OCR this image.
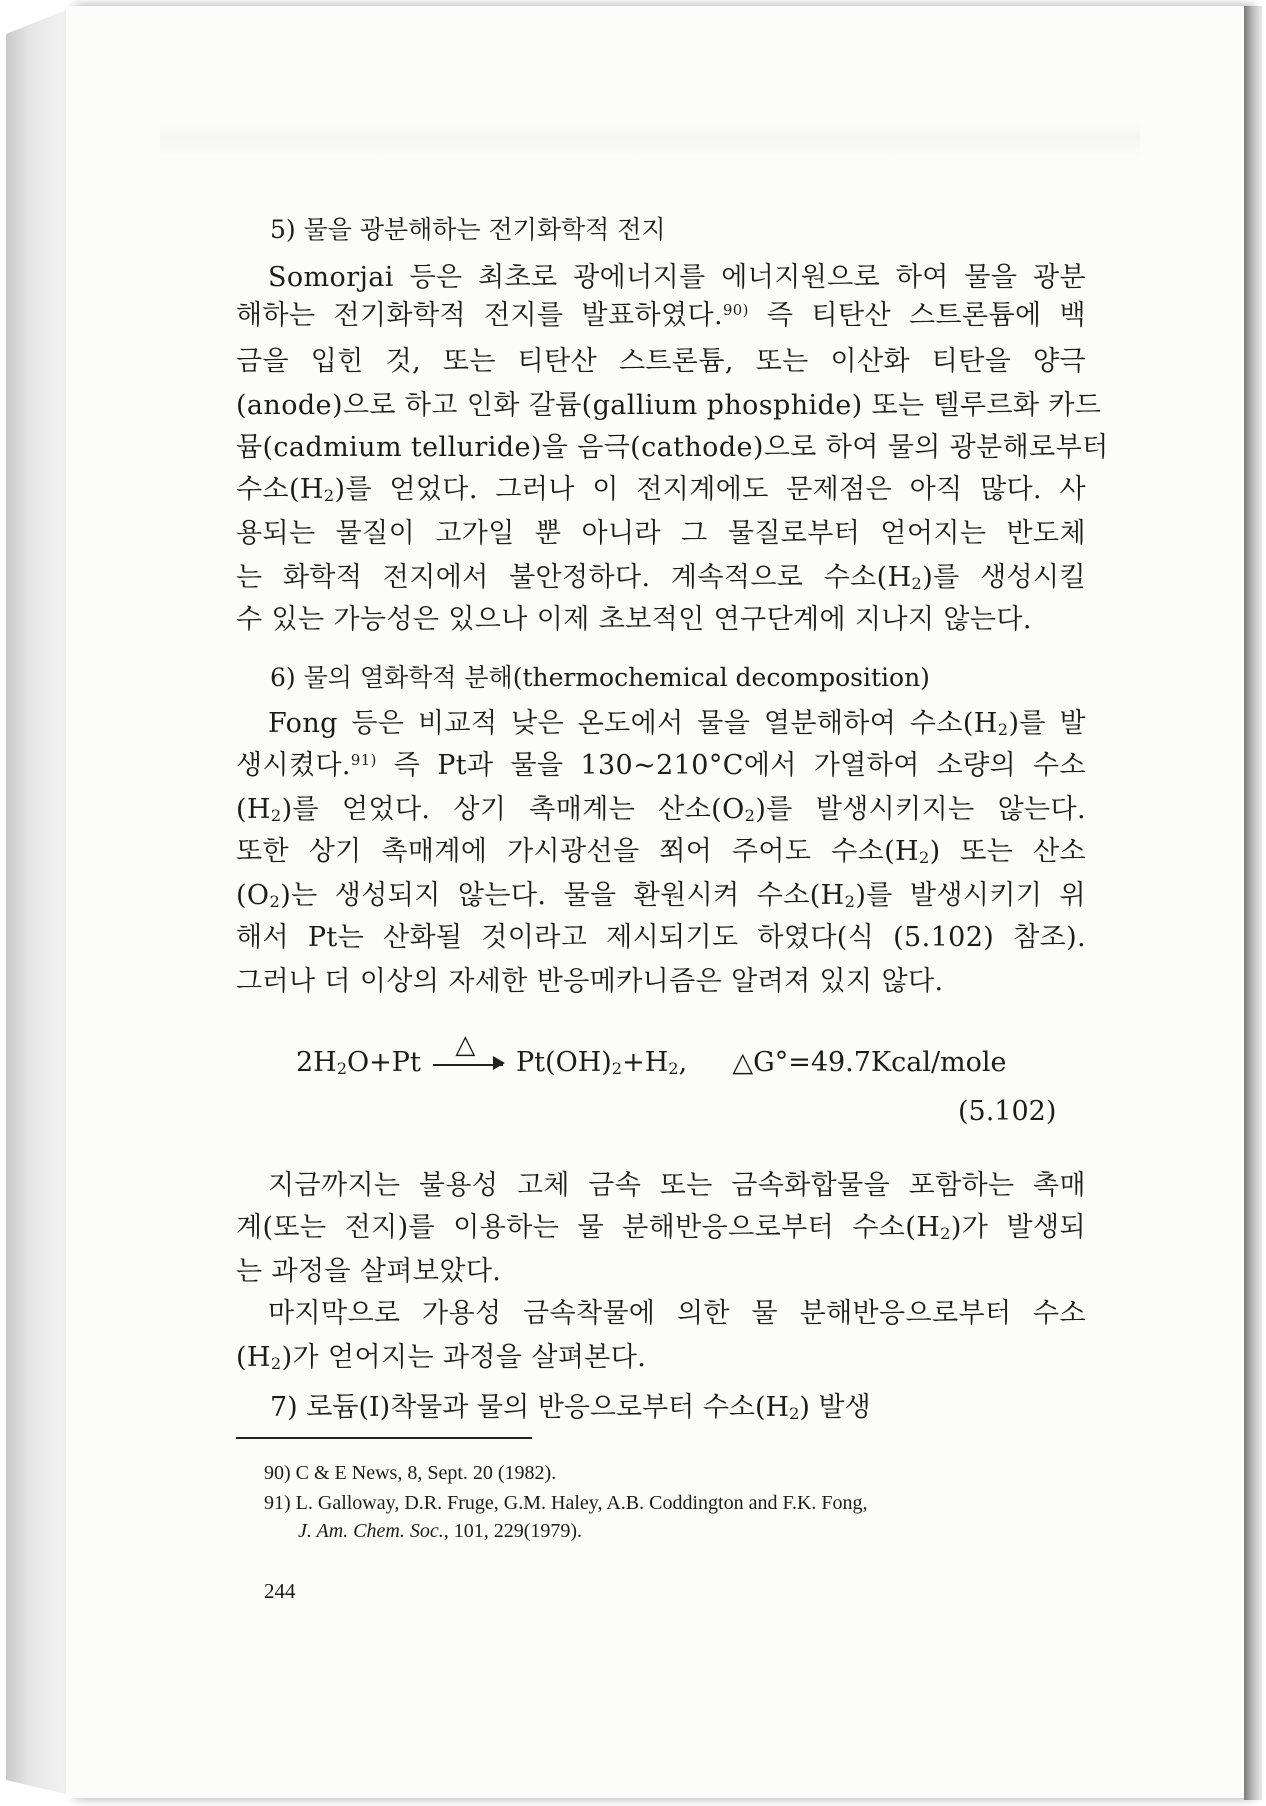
5) 물을 광분해하는 전기화학적 전지
Somorjai 등은 최초로 광에너지를 에너지원으로 하여 물을 광분
해하는 전기화학적 전지를 발표하였다.$^{90)}$ 즉 티탄산 스트론튬에 백
금을 입힌 것, 또는 티탄산 스트론튬, 또는 이산화 티탄을 양극
(anode)으로 하고 인화 갈륨(gallium phosphide) 또는 텔루르화 카드
뮴(cadmium telluride)을 음극(cathode)으로 하여 물의 광분해로부터
수소$(H_2)$를 얻었다. 그러나 이 전지계에도 문제점은 아직 많다. 사
용되는 물질이 고가일 뿐 아니라 그 물질로부터 얻어지는 반도체
는 화학적 전지에서 불안정하다. 계속적으로 수소$(H_2)$를 생성시킬
수 있는 가능성은 있으나 이제 초보적인 연구단계에 지나지 않는다.
6) 물의 열화학적 분해(thermochemical decomposition)
Fong 등은 비교적 낮은 온도에서 물을 열분해하여 수소$(H_2)$를 발
생시켰다.$^{91)}$ 즉 Pt과 물을 130∼210°C에서 가열하여 소량의 수소
$(H_2)$를 얻었다. 상기 촉매계는 산소$(O_2)$를 발생시키지는 않는다.
또한 상기 촉매계에 가시광선을 쬐어 주어도 수소$(H_2)$ 또는 산소
$(O_2)$는 생성되지 않는다. 물을 환원시켜 수소$(H_2)$를 발생시키기 위
해서 Pt는 산화될 것이라고 제시되기도 하였다(식 (5.102) 참조).
그러나 더 이상의 자세한 반응메카니즘은 알려져 있지 않다.
$2H_2O+Pt$
△
$Pt(OH)_2+H_2$, △G°=49.7Kcal/mole
(5.102)
지금까지는 불용성 고체 금속 또는 금속화합물을 포함하는 촉매
계(또는 전지)를 이용하는 물 분해반응으로부터 수소$(H_2)$가 발생되
는 과정을 살펴보았다.
마지막으로 가용성 금속착물에 의한 물 분해반응으로부터 수소
$(H_2)$가 얻어지는 과정을 살펴본다.
7) 로듐(Ⅰ)착물과 물의 반응으로부터 수소$(H_2)$ 발생
90) C & E News, 8, Sept. 20 (1982).
91) L. Galloway, D.R. Fruge, G.M. Haley, A.B. Coddington and F.K. Fong,
J. Am. Chem. Soc., 101, 229(1979).
244
